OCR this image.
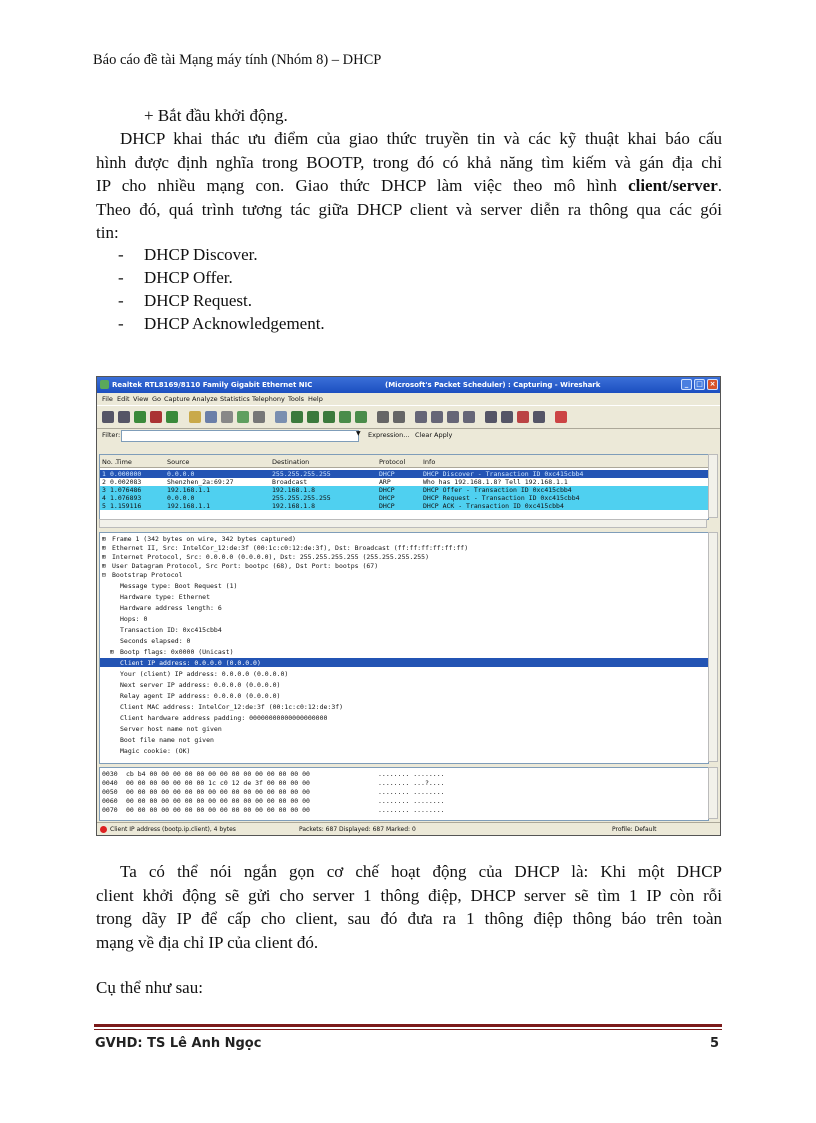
Báo cáo đề tài Mạng máy tính (Nhóm 8) – DHCP
+ Bắt đầu khởi động.
DHCP khai thác ưu điểm của giao thức truyền tin và các kỹ thuật khai báo cấu
hình được định nghĩa trong BOOTP, trong đó có khả năng tìm kiếm và gán địa chỉ
IP cho nhiều mạng con. Giao thức DHCP làm việc theo mô hình client/server.
Theo đó, quá trình tương tác giữa DHCP client và server diễn ra thông qua các gói
tin:
- DHCP Discover.
- DHCP Offer.
- DHCP Request.
- DHCP Acknowledgement.
Realtek RTL8169/8110 Family Gigabit Ethernet NIC	(Microsoft's Packet Scheduler) : Capturing - Wireshark	_	□ ×
File Edit View Go Capture Analyze Statistics Telephony Tools Help
Filter:	▼ Expression... Clear Apply
No. . Time	Source	Destination	Protocol	Info
1 0.000000	0.0.0.0	255.255.255.255	DHCP	DHCP Discover - Transaction ID 0xc415cbb4
2 0.002083	Shenzhen_2a:69:27	Broadcast	ARP	Who has 192.168.1.8? Tell 192.168.1.1
3 1.076486	192.168.1.1	192.168.1.8	DHCP	DHCP Offer - Transaction ID 0xc415cbb4
4 1.076893	0.0.0.0	255.255.255.255	DHCP	DHCP Request - Transaction ID 0xc415cbb4
5 1.159116	192.168.1.1	192.168.1.8	DHCP	DHCP ACK - Transaction ID 0xc415cbb4
⊞ Frame 1 (342 bytes on wire, 342 bytes captured)
⊞ Ethernet II, Src: IntelCor_12:de:3f (00:1c:c0:12:de:3f), Dst: Broadcast (ff:ff:ff:ff:ff:ff)
⊞ Internet Protocol, Src: 0.0.0.0 (0.0.0.0), Dst: 255.255.255.255 (255.255.255.255)
⊞ User Datagram Protocol, Src Port: bootpc (68), Dst Port: bootps (67)
⊟ Bootstrap Protocol
Message type: Boot Request (1)
Hardware type: Ethernet
Hardware address length: 6
Hops: 0
Transaction ID: 0xc415cbb4
Seconds elapsed: 0
⊞ Bootp flags: 0x0000 (Unicast)
Client IP address: 0.0.0.0 (0.0.0.0)
Your (client) IP address: 0.0.0.0 (0.0.0.0)
Next server IP address: 0.0.0.0 (0.0.0.0)
Relay agent IP address: 0.0.0.0 (0.0.0.0)
Client MAC address: IntelCor_12:de:3f (00:1c:c0:12:de:3f)
Client hardware address padding: 00000000000000000000
Server host name not given
Boot file name not given
Magic cookie: (OK)
0030 cb b4 00 00 00 00 00 00 00 00 00 00 00 00 00 00	........ ........
0040 00 00 00 00 00 00 00 1c c0 12 de 3f 00 00 00 00	........ ...?....
0050 00 00 00 00 00 00 00 00 00 00 00 00 00 00 00 00	........ ........
0060 00 00 00 00 00 00 00 00 00 00 00 00 00 00 00 00	........ ........
0070 00 00 00 00 00 00 00 00 00 00 00 00 00 00 00 00	........ ........
Client IP address (bootp.ip.client), 4 bytes	Packets: 687 Displayed: 687 Marked: 0	Profile: Default
Ta có thể nói ngắn gọn cơ chế hoạt động của DHCP là: Khi một DHCP
client khởi động sẽ gửi cho server 1 thông điệp, DHCP server sẽ tìm 1 IP còn rỗi
trong dãy IP để cấp cho client, sau đó đưa ra 1 thông điệp thông báo trên toàn
mạng về địa chỉ IP của client đó.
Cụ thể như sau:
GVHD: TS Lê Anh Ngọc	5
